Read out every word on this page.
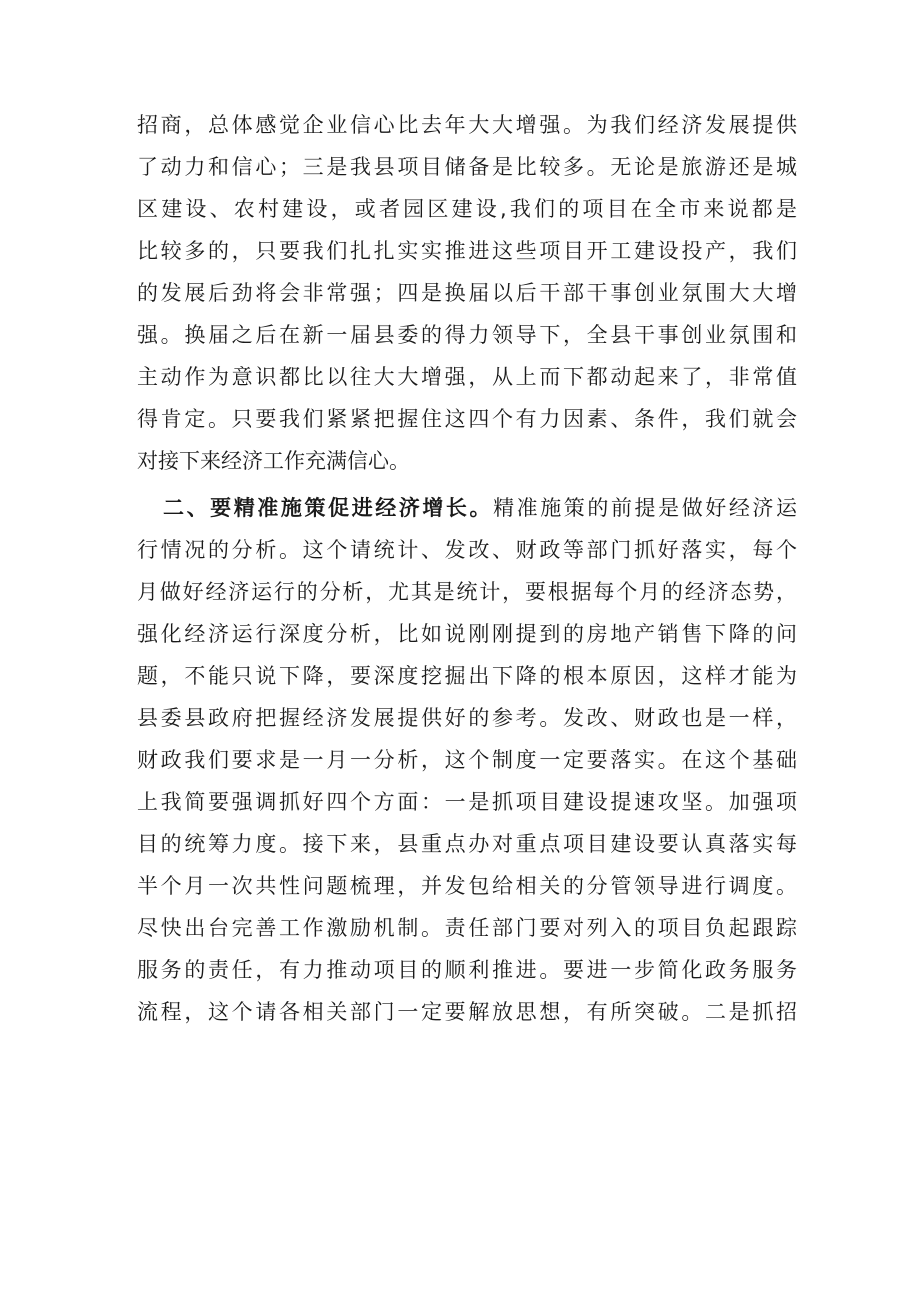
招商，总体感觉企业信心比去年大大增强。为我们经济发展提供
了动力和信心；三是我县项目储备是比较多。无论是旅游还是城
区建设、农村建设，或者园区建设,我们的项目在全市来说都是
比较多的，只要我们扎扎实实推进这些项目开工建设投产，我们
的发展后劲将会非常强；四是换届以后干部干事创业氛围大大增
强。换届之后在新一届县委的得力领导下，全县干事创业氛围和
主动作为意识都比以往大大增强，从上而下都动起来了，非常值
得肯定。只要我们紧紧把握住这四个有力因素、条件，我们就会
对接下来经济工作充满信心。
二、要精准施策促进经济增长。精准施策的前提是做好经济运
行情况的分析。这个请统计、发改、财政等部门抓好落实，每个
月做好经济运行的分析，尤其是统计，要根据每个月的经济态势，
强化经济运行深度分析，比如说刚刚提到的房地产销售下降的问
题，不能只说下降，要深度挖掘出下降的根本原因，这样才能为
县委县政府把握经济发展提供好的参考。发改、财政也是一样，
财政我们要求是一月一分析，这个制度一定要落实。在这个基础
上我简要强调抓好四个方面：一是抓项目建设提速攻坚。加强项
目的统筹力度。接下来，县重点办对重点项目建设要认真落实每
半个月一次共性问题梳理，并发包给相关的分管领导进行调度。
尽快出台完善工作激励机制。责任部门要对列入的项目负起跟踪
服务的责任，有力推动项目的顺利推进。要进一步简化政务服务
流程，这个请各相关部门一定要解放思想，有所突破。二是抓招
